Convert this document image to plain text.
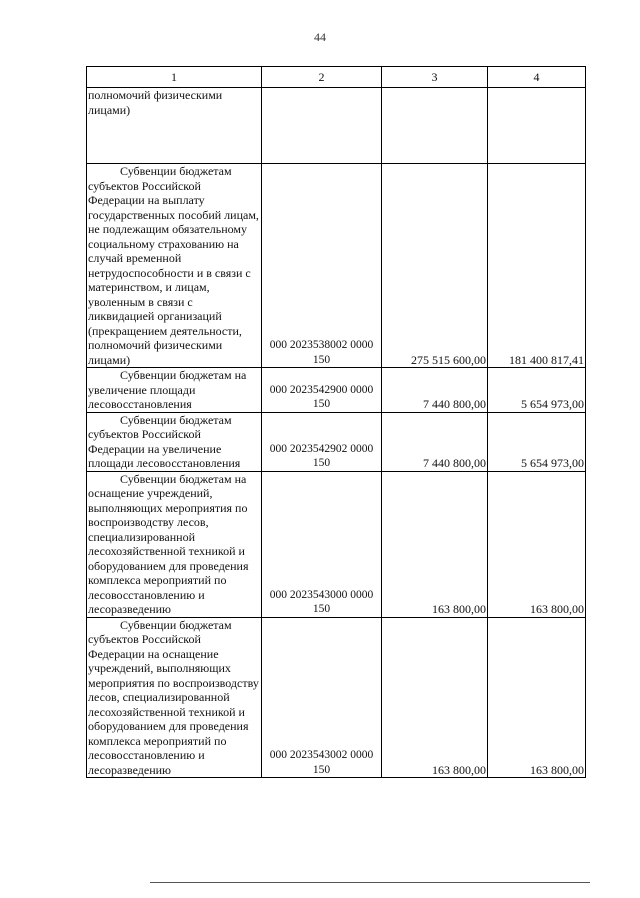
44
1	2	3	4
полномочий физическими лицами)			

Субвенции бюджетам субъектов Российской Федерации на выплату государственных пособий лицам, не подлежащим обязательному социальному страхованию на случай временной нетрудоспособности и в связи с материнством, и лицам, уволенным в связи с ликвидацией организаций (прекращением деятельности, полномочий физическими лицами)	000 2023538002 0000 150	275 515 600,00	181 400 817,41

Субвенции бюджетам на увеличение площади лесовосстановления	000 2023542900 0000 150	7 440 800,00	5 654 973,00

Субвенции бюджетам субъектов Российской Федерации на увеличение площади лесовосстановления	000 2023542902 0000 150	7 440 800,00	5 654 973,00

Субвенции бюджетам на оснащение учреждений, выполняющих мероприятия по воспроизводству лесов, специализированной лесохозяйственной техникой и оборудованием для проведения комплекса мероприятий по лесовосстановлению и лесоразведению	000 2023543000 0000 150	163 800,00	163 800,00

Субвенции бюджетам субъектов Российской Федерации на оснащение учреждений, выполняющих мероприятия по воспроизводству лесов, специализированной лесохозяйственной техникой и оборудованием для проведения комплекса мероприятий по лесовосстановлению и лесоразведению	000 2023543002 0000 150	163 800,00	163 800,00
